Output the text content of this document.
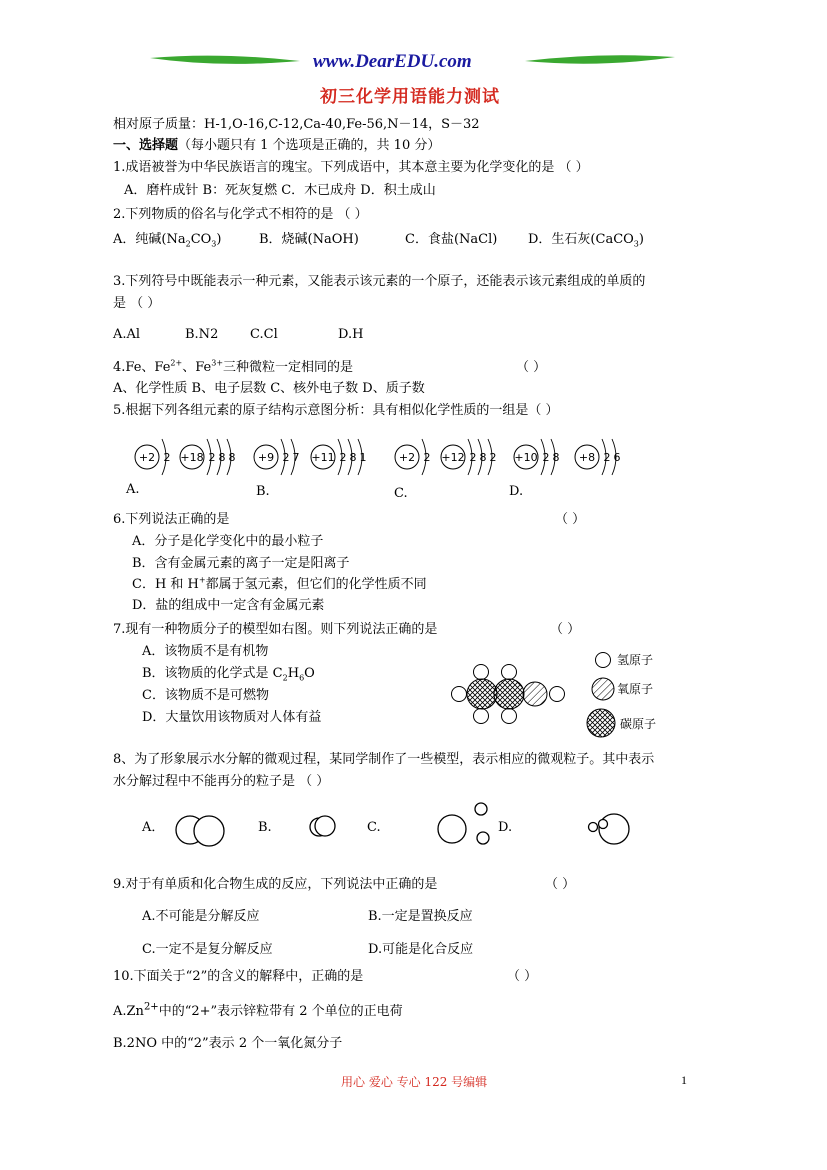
www.DearEDU.com
初三化学用语能力测试
相对原子质量：H-1,O-16,C-12,Ca-40,Fe-56,N－14，S－32
一、选择题（每小题只有 1 个选项是正确的，共 10 分）
1.成语被誉为中华民族语言的瑰宝。下列成语中，其本意主要为化学变化的是 （ ）
A．磨杵成针 B：死灰复燃 C．木已成舟 D．积土成山
2.下列物质的俗名与化学式不相符的是 （ ）
A．纯碱$(Na_2CO_3)$	B．烧碱(NaOH)	C．食盐(NaCl) D．生石灰(CaCO$_3$)
3.下列符号中既能表示一种元素，又能表示该元素的一个原子，还能表示该元素组成的单质的
是 （ ）
A.Al	B.N2 C.Cl	D.H
4.Fe、$Fe^{2+}$、$Fe^{3+}$三种微粒一定相同的是	（ ）
A、化学性质 B、电子层数 C、核外电子数 D、质子数
5.根据下列各组元素的原子结构示意图分析：具有相似化学性质的一组是（ ）
+2 2 +18 2 8 8 +9 2 7 +11 2 8 1	+2 2 +12 2 8 2 +10 2 8 +8 2 6
A.	B.	C.	D.
6.下列说法正确的是	（ ）
A．分子是化学变化中的最小粒子
B．含有金属元素的离子一定是阳离子
C．H 和 H+都属于氢元素，但它们的化学性质不同
D．盐的组成中一定含有金属元素
7.现有一种物质分子的模型如右图。则下列说法正确的是	（ ）
A．该物质不是有机物
B．该物质的化学式是 $C_2H_6O$
C．该物质不是可燃物
D．大量饮用该物质对人体有益
氢原子
氧原子
碳原子
8、为了形象展示水分解的微观过程，某同学制作了一些模型，表示相应的微观粒子。其中表示
水分解过程中不能再分的粒子是 （ ）
A．	B.	C.	D.
9.对于有单质和化合物生成的反应，下列说法中正确的是	（ ）
A.不可能是分解反应	B.一定是置换反应
C.一定不是复分解反应	D.可能是化合反应
10.下面关于“2”的含义的解释中，正确的是	（ ）
$A.Zn^{2+}$中的“2+”表示锌粒带有 2 个单位的正电荷
B.2NO 中的“2”表示 2 个一氧化氮分子
用心 爱心 专心 122 号编辑	1
